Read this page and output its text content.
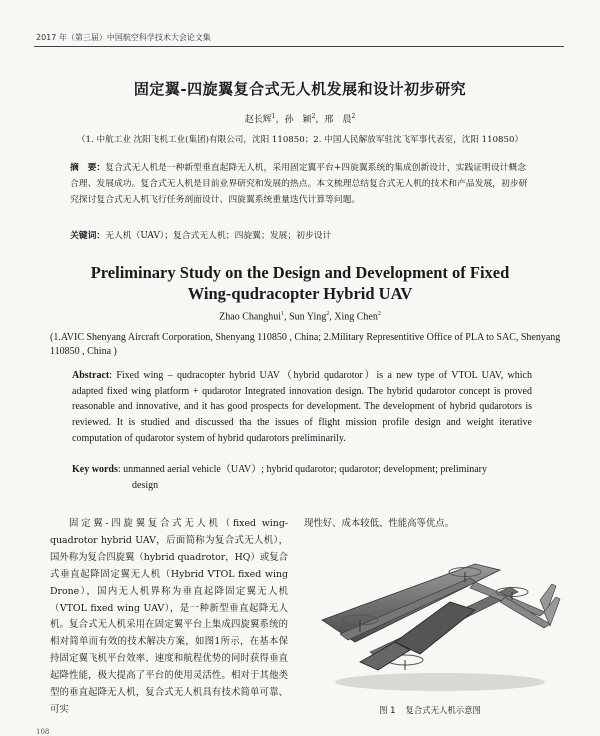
2017 年（第三届）中国航空科学技术大会论文集
固定翼-四旋翼复合式无人机发展和设计初步研究
赵长辉$^1$，孙　颖$^2$，邢　晨$^2$
（1. 中航工业 沈阳飞机工业(集团)有限公司，沈阳 110850；2. 中国人民解放军驻沈飞军事代表室，沈阳 110850）
摘　要：复合式无人机是一种新型垂直起降无人机，采用固定翼平台+四旋翼系统的集成创新设计，实践证明设计概念合理、发展成功。复合式无人机是目前业界研究和发展的热点。本文梳理总结复合式无人机的技术和产品发展，初步研究探讨复合式无人机飞行任务剖面设计、四旋翼系统重量迭代计算等问题。
关键词：无人机（UAV）；复合式无人机；四旋翼；发展；初步设计
Preliminary Study on the Design and Development of Fixed
Wing-qudracopter Hybrid UAV
Zhao Changhui$^1$, Sun Ying$^2$, Xing Chen$^2$
(1.AVIC Shenyang Aircraft Corporation, Shenyang 110850 , China; 2.Military Representitive Office of PLA to SAC, Shenyang 110850 , China )
Abstract: Fixed wing – qudracopter hybrid UAV（hybrid qudarotor）is a new type of VTOL UAV, which adapted fixed wing platform + qudarotor Integrated innovation design. The hybrid qudarotor concept is proved reasonable and innovative, and it has good prospects for development. The development of hybrid qudarotors is reviewed. It is studied and discussed tha the issues of flight mission profile design and weight iterative computation of qudarotor system of hybrid qudarotors preliminarily.
Key words: unmanned aerial vehicle（UAV）; hybrid qudarotor; qudarotor; development; preliminary
design
固定翼-四旋翼复合式无人机（fixed wing-quadrotor hybrid UAV，后面简称为复合式无人机），国外称为复合四旋翼（hybrid quadrotor，HQ）或复合式垂直起降固定翼无人机（Hybrid VTOL fixed wing Drone），国内无人机界称为垂直起降固定翼无人机（VTOL fixed wing UAV），是一种新型垂直起降无人机。复合式无人机采用在固定翼平台上集成四旋翼系统的相对简单而有效的技术解决方案，如图1所示，在基本保持固定翼飞机平台效率、速度和航程优势的同时获得垂直起降性能，极大提高了平台的使用灵活性。相对于其他类型的垂直起降无人机，复合式无人机具有技术简单可靠、可实
现性好、成本较低、性能高等优点。
图 1 复合式无人机示意图
108
